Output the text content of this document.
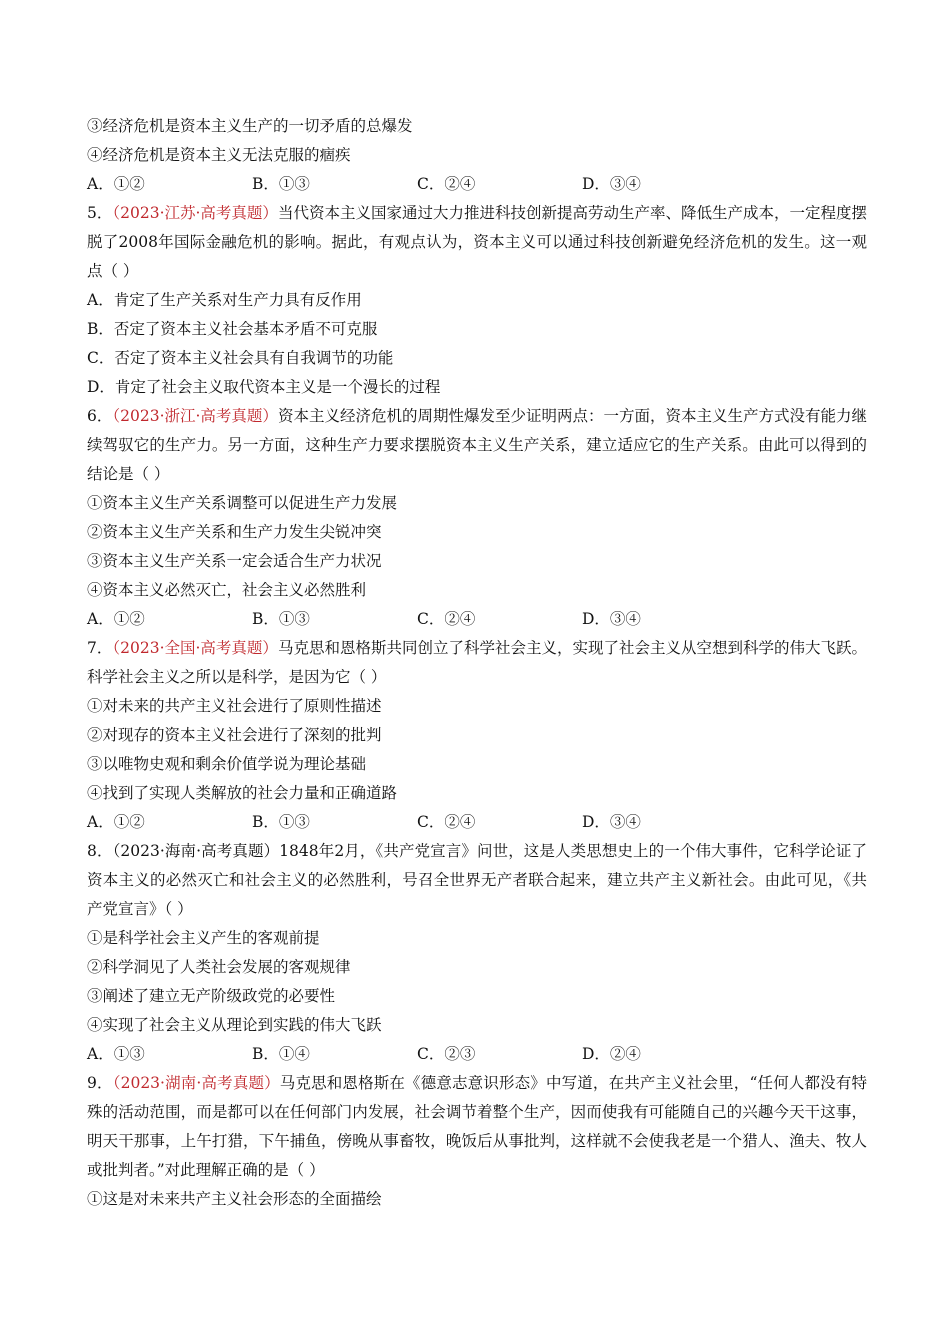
③经济危机是资本主义生产的一切矛盾的总爆发
④经济危机是资本主义无法克服的痼疾
A．①②	B．①③	C．②④	D．③④
5．（2023·江苏·高考真题）当代资本主义国家通过大力推进科技创新提高劳动生产率、降低生产成本，一定程度摆脱了2008年国际金融危机的影响。据此，有观点认为，资本主义可以通过科技创新避免经济危机的发生。这一观点（ ）
A．肯定了生产关系对生产力具有反作用
B．否定了资本主义社会基本矛盾不可克服
C．否定了资本主义社会具有自我调节的功能
D．肯定了社会主义取代资本主义是一个漫长的过程
6．（2023·浙江·高考真题）资本主义经济危机的周期性爆发至少证明两点：一方面，资本主义生产方式没有能力继续驾驭它的生产力。另一方面，这种生产力要求摆脱资本主义生产关系，建立适应它的生产关系。由此可以得到的结论是（ ）
①资本主义生产关系调整可以促进生产力发展
②资本主义生产关系和生产力发生尖锐冲突
③资本主义生产关系一定会适合生产力状况
④资本主义必然灭亡，社会主义必然胜利
A．①②	B．①③	C．②④	D．③④
7．（2023·全国·高考真题）马克思和恩格斯共同创立了科学社会主义，实现了社会主义从空想到科学的伟大飞跃。科学社会主义之所以是科学，是因为它（ ）
①对未来的共产主义社会进行了原则性描述
②对现存的资本主义社会进行了深刻的批判
③以唯物史观和剩余价值学说为理论基础
④找到了实现人类解放的社会力量和正确道路
A．①②	B．①③	C．②④	D．③④
8．（2023·海南·高考真题）1848年2月，《共产党宣言》问世，这是人类思想史上的一个伟大事件，它科学论证了资本主义的必然灭亡和社会主义的必然胜利，号召全世界无产者联合起来，建立共产主义新社会。由此可见，《共产党宣言》（ ）
①是科学社会主义产生的客观前提
②科学洞见了人类社会发展的客观规律
③阐述了建立无产阶级政党的必要性
④实现了社会主义从理论到实践的伟大飞跃
A．①③	B．①④	C．②③	D．②④
9．（2023·湖南·高考真题）马克思和恩格斯在《德意志意识形态》中写道，在共产主义社会里，“任何人都没有特殊的活动范围，而是都可以在任何部门内发展，社会调节着整个生产，因而使我有可能随自己的兴趣今天干这事，明天干那事，上午打猎，下午捕鱼，傍晚从事畜牧，晚饭后从事批判，这样就不会使我老是一个猎人、渔夫、牧人或批判者。”对此理解正确的是（ ）
①这是对未来共产主义社会形态的全面描绘
